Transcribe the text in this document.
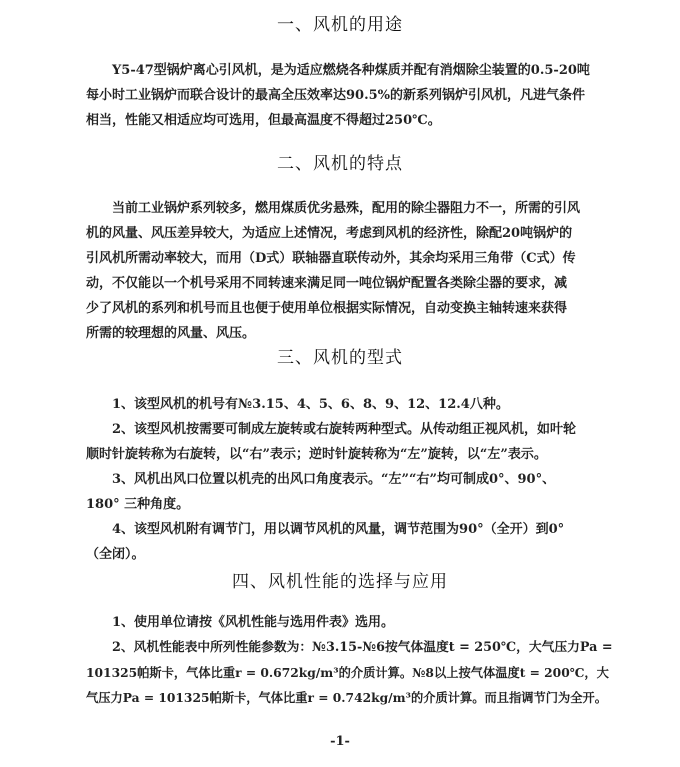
一、风机的用途
Y5-47型锅炉离心引风机，是为适应燃烧各种煤质并配有消烟除尘装置的0.5-20吨
每小时工业锅炉而联合设计的最高全压效率达90.5%的新系列锅炉引风机，凡进气条件
相当，性能又相适应均可选用，但最高温度不得超过250℃。
二、风机的特点
当前工业锅炉系列较多，燃用煤质优劣悬殊，配用的除尘器阻力不一，所需的引风
机的风量、风压差异较大，为适应上述情况，考虑到风机的经济性，除配20吨锅炉的
引风机所需动率较大，而用（D式）联轴器直联传动外，其余均采用三角带（C式）传
动，不仅能以一个机号采用不同转速来满足同一吨位锅炉配置各类除尘器的要求，减
少了风机的系列和机号而且也便于使用单位根据实际情况，自动变换主轴转速来获得
所需的较理想的风量、风压。
三、风机的型式
1、该型风机的机号有№3.15、4、5、6、8、9、12、12.4八种。
2、该型风机按需要可制成左旋转或右旋转两种型式。从传动组正视风机，如叶轮
顺时针旋转称为右旋转，以“右”表示；逆时针旋转称为“左”旋转，以“左”表示。
3、风机出风口位置以机壳的出风口角度表示。“左”“右”均可制成0°、90°、
180° 三种角度。
4、该型风机附有调节门，用以调节风机的风量，调节范围为90°（全开）到0°
（全闭）。
四、风机性能的选择与应用
1、使用单位请按《风机性能与选用件表》选用。
2、风机性能表中所列性能参数为：№3.15-№6按气体温度t = 250℃，大气压力Pa =
101325帕斯卡，气体比重r = 0.672kg/m³的介质计算。№8以上按气体温度t = 200℃，大
气压力Pa = 101325帕斯卡，气体比重r = 0.742kg/m³的介质计算。而且指调节门为全开。
-1-
